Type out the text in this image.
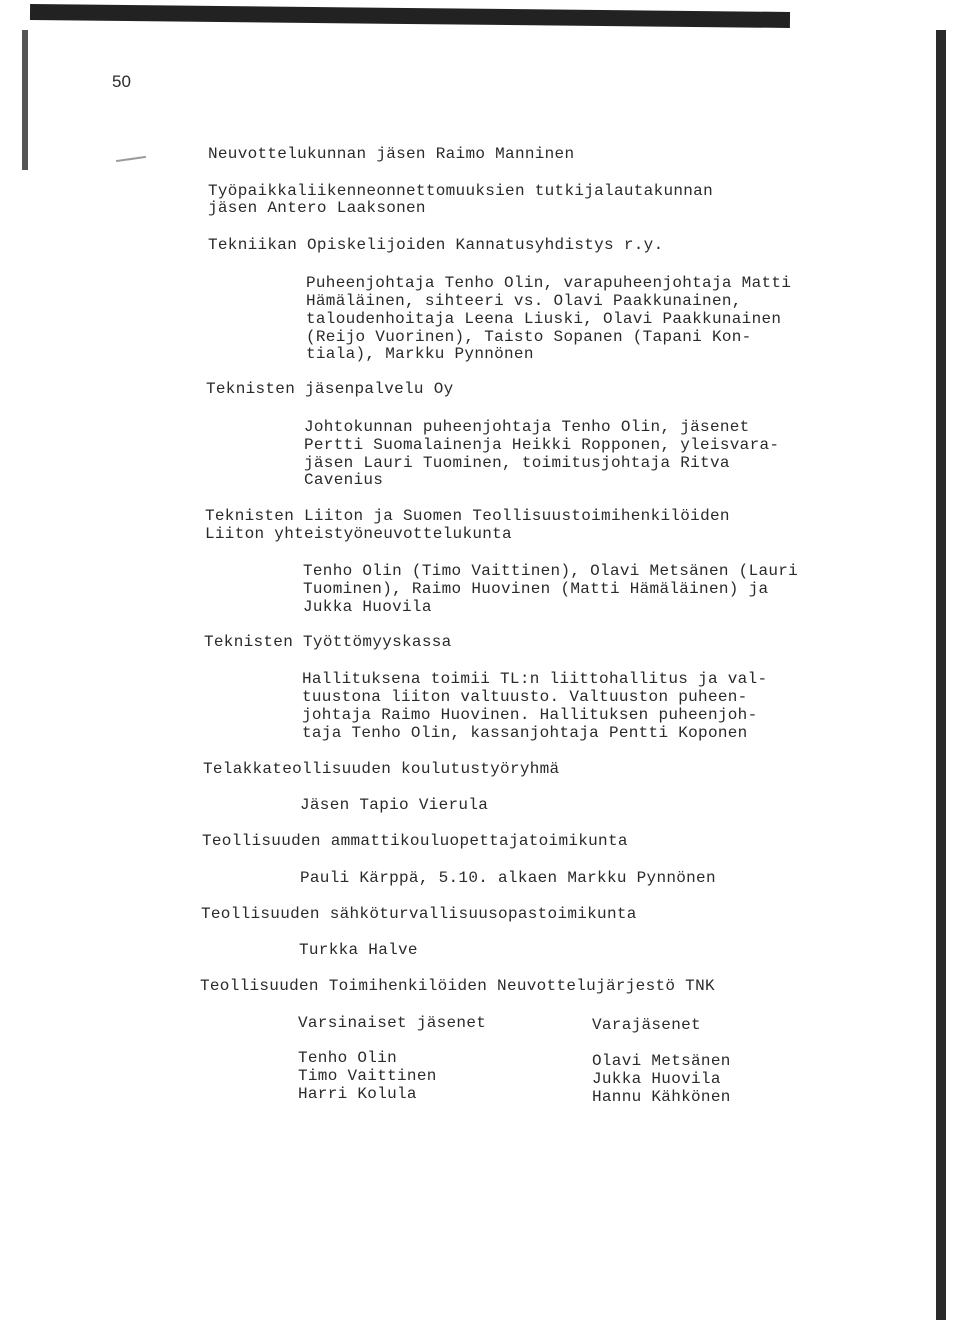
50
Neuvottelukunnan jäsen Raimo Manninen
Työpaikkaliikenneonnettomuuksien tutkijalautakunnan
jäsen Antero Laaksonen
Tekniikan Opiskelijoiden Kannatusyhdistys r.y.
Puheenjohtaja Tenho Olin, varapuheenjohtaja Matti
Hämäläinen, sihteeri vs. Olavi Paakkunainen,
taloudenhoitaja Leena Liuski, Olavi Paakkunainen
(Reijo Vuorinen), Taisto Sopanen (Tapani Kon-
tiala), Markku Pynnönen
Teknisten jäsenpalvelu Oy
Johtokunnan puheenjohtaja Tenho Olin, jäsenet
Pertti Suomalainenja Heikki Ropponen, yleisvara-
jäsen Lauri Tuominen, toimitusjohtaja Ritva
Cavenius
Teknisten Liiton ja Suomen Teollisuustoimihenkilöiden
Liiton yhteistyöneuvottelukunta
Tenho Olin (Timo Vaittinen), Olavi Metsänen (Lauri
Tuominen), Raimo Huovinen (Matti Hämäläinen) ja
Jukka Huovila
Teknisten Työttömyyskassa
Hallituksena toimii TL:n liittohallitus ja val-
tuustona liiton valtuusto. Valtuuston puheen-
johtaja Raimo Huovinen. Hallituksen puheenjoh-
taja Tenho Olin, kassanjohtaja Pentti Koponen
Telakkateollisuuden koulutustyöryhmä
Jäsen Tapio Vierula
Teollisuuden ammattikouluopettajatoimikunta
Pauli Kärppä, 5.10. alkaen Markku Pynnönen
Teollisuuden sähköturvallisuusopastoimikunta
Turkka Halve
Teollisuuden Toimihenkilöiden Neuvottelujärjestö TNK
Varsinaiset jäsenet	Varajäsenet
Tenho Olin
Timo Vaittinen
Harri Kolula
Olavi Metsänen
Jukka Huovila
Hannu Kähkönen
